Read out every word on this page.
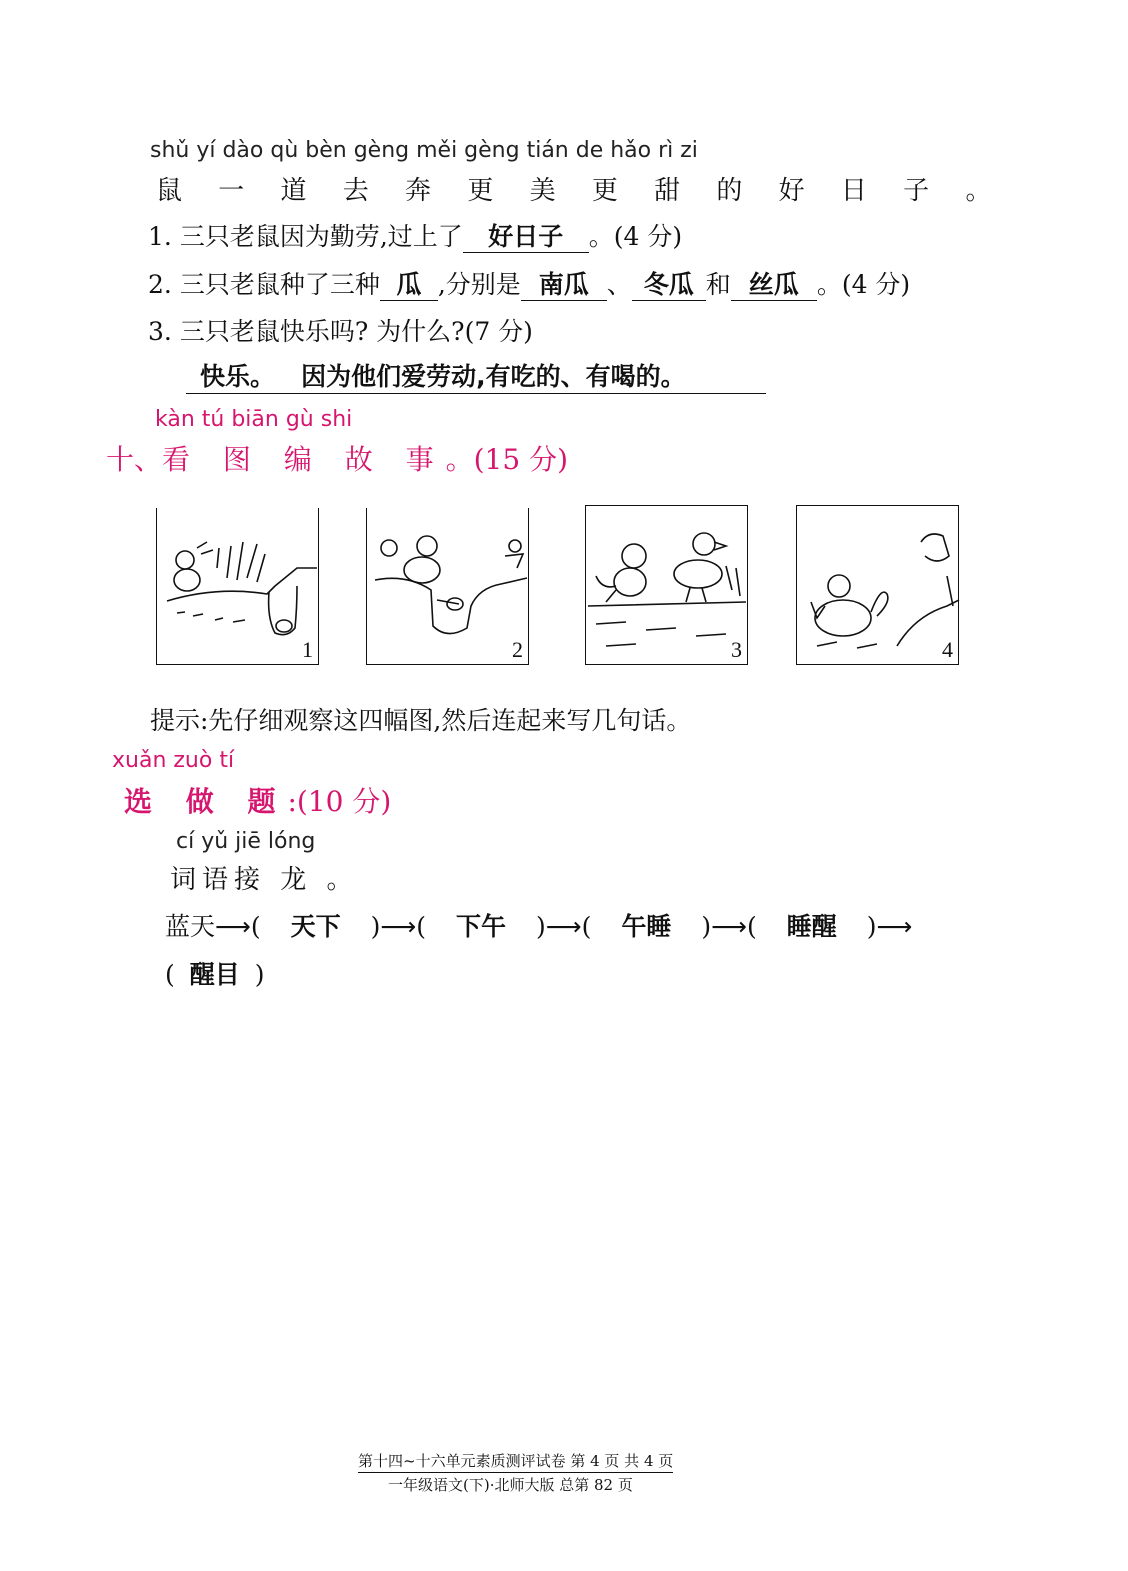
shǔ yí dào qù bèn gèng měi gèng tián de hǎo rì zi
鼠 一 道 去 奔 更 美 更 甜 的 好 日 子 。
1. 三只老鼠因为勤劳,过上了 好日子 。(4 分)
2. 三只老鼠种了三种 瓜 ,分别是 南瓜 、 冬瓜 和 丝瓜 。(4 分)
3. 三只老鼠快乐吗? 为什么?(7 分)
快乐。   因为他们爱劳动,有吃的、有喝的。
kàn tú biān gù shi
十、看 图 编 故 事。(15 分)
1	2	3	4
提示:先仔细观察这四幅图,然后连起来写几句话。
xuǎn zuò tí
选 做 题:(10 分)
cí yǔ jiē lóng
词语接 龙 。
蓝天⟶( 天下 )⟶( 下午 )⟶( 午睡 )⟶( 睡醒 )⟶
( 醒目 )
第十四~十六单元素质测评试卷 第 4 页 共 4 页
一年级语文(下)·北师大版 总第 82 页
